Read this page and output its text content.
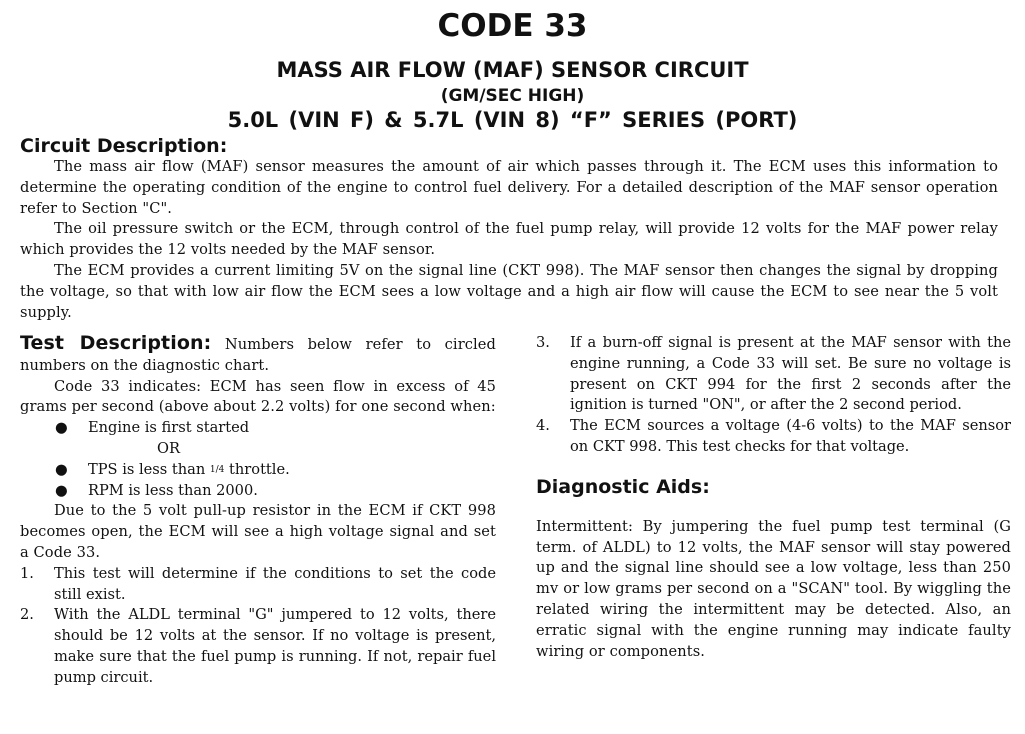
CODE 33
MASS AIR FLOW (MAF) SENSOR CIRCUIT
(GM/SEC HIGH)
5.0L (VIN F) & 5.7L (VIN 8) “F” SERIES (PORT)

Circuit Description:

The mass air flow (MAF) sensor measures the amount of air which passes through it. The ECM uses this information to determine the operating condition of the engine to control fuel delivery. For a detailed description of the MAF sensor operation refer to Section "C".

The oil pressure switch or the ECM, through control of the fuel pump relay, will provide 12 volts for the MAF power relay which provides the 12 volts needed by the MAF sensor.

The ECM provides a current limiting 5V on the signal line (CKT 998). The MAF sensor then changes the signal by dropping the voltage, so that with low air flow the ECM sees a low voltage and a high air flow will cause the ECM to see near the 5 volt supply.

Test Description: Numbers below refer to circled numbers on the diagnostic chart.

Code 33 indicates: ECM has seen flow in excess of 45 grams per second (above about 2.2 volts) for one second when:

● Engine is first started
OR
● TPS is less than 1/4 throttle.
● RPM is less than 2000.

Due to the 5 volt pull-up resistor in the ECM if CKT 998 becomes open, the ECM will see a high voltage signal and set a Code 33.

1. This test will determine if the conditions to set the code still exist.
2. With the ALDL terminal "G" jumpered to 12 volts, there should be 12 volts at the sensor. If no voltage is present, make sure that the fuel pump is running. If not, repair fuel pump circuit.
3. If a burn-off signal is present at the MAF sensor with the engine running, a Code 33 will set. Be sure no voltage is present on CKT 994 for the first 2 seconds after the ignition is turned "ON", or after the 2 second period.
4. The ECM sources a voltage (4-6 volts) to the MAF sensor on CKT 998. This test checks for that voltage.

Diagnostic Aids:

Intermittent: By jumpering the fuel pump test terminal (G term. of ALDL) to 12 volts, the MAF sensor will stay powered up and the signal line should see a low voltage, less than 250 mv or low grams per second on a "SCAN" tool. By wiggling the related wiring the intermittent may be detected. Also, an erratic signal with the engine running may indicate faulty wiring or components.
